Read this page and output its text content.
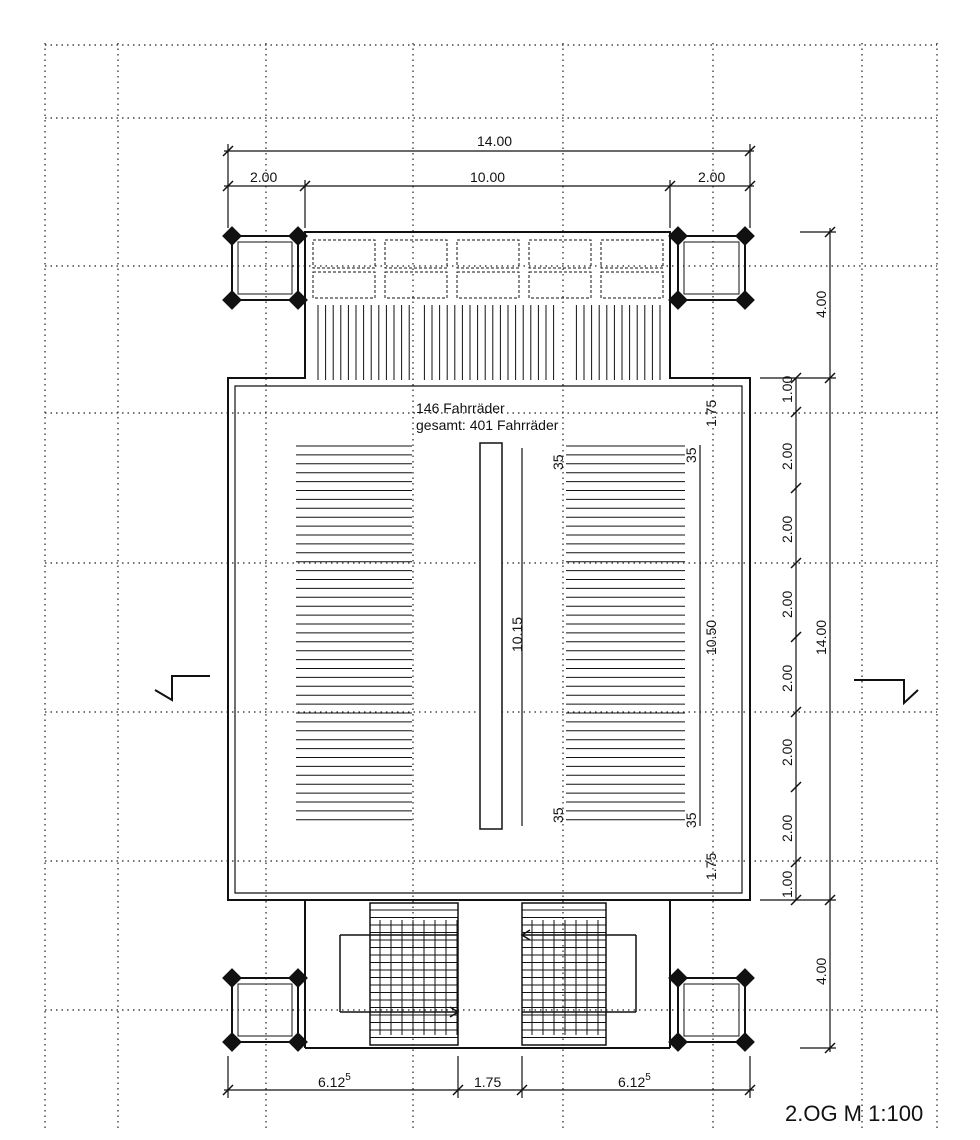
14.00
2.00	10.00	2.00
146 Fahrräder
gesamt: 401 Fahrräder
4.00
4.00
14.00
1.00
2.00
2.00
2.00
2.00
2.00
2.00
1.00
1.75
1.75
10.50
10.15
35	35
35	35
6.12$^5$	1.75	6.12$^5$
2.OG M 1:100
